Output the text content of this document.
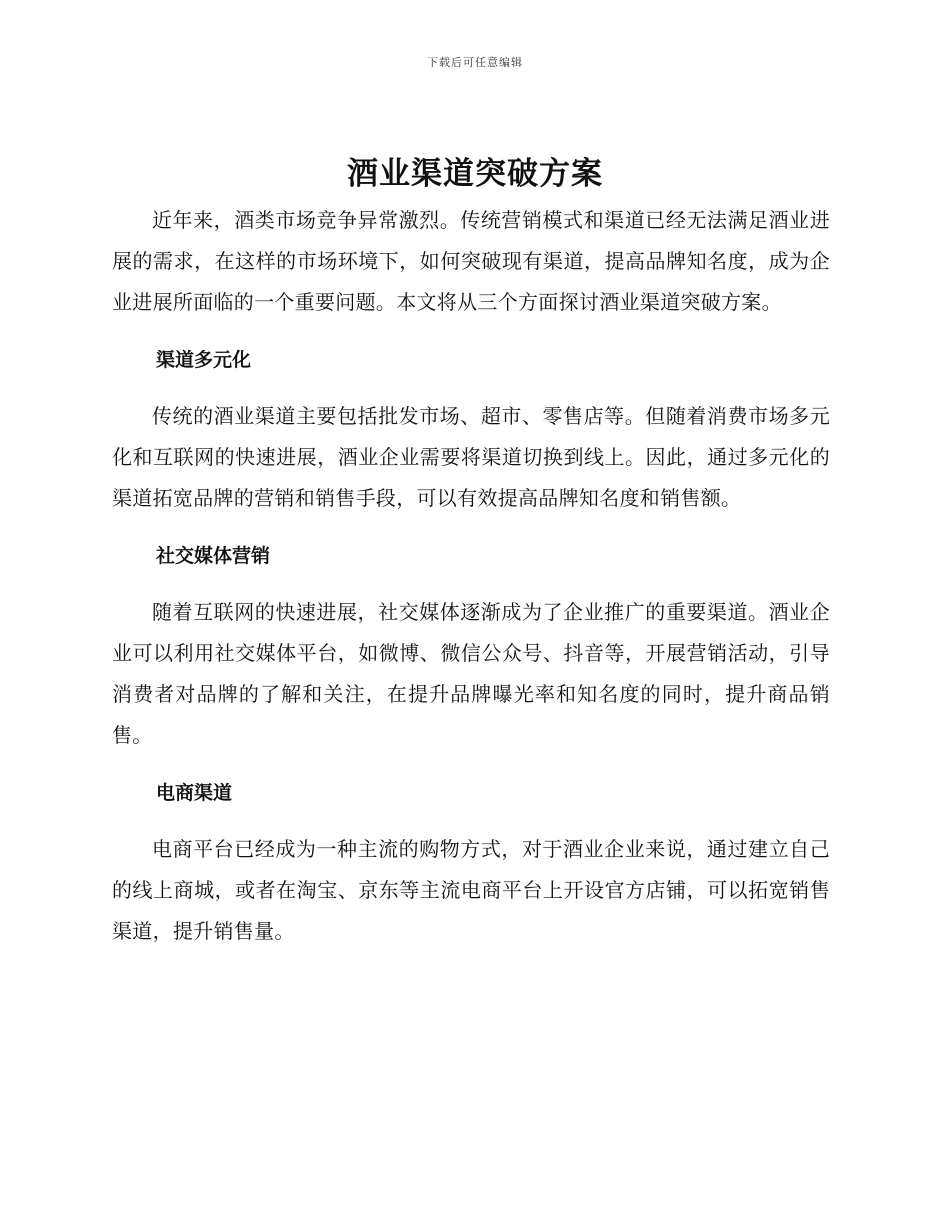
下载后可任意编辑
酒业渠道突破方案

近年来，酒类市场竞争异常激烈。传统营销模式和渠道已经无法满足酒业进展的需求，在这样的市场环境下，如何突破现有渠道，提高品牌知名度，成为企业进展所面临的一个重要问题。本文将从三个方面探讨酒业渠道突破方案。

渠道多元化

传统的酒业渠道主要包括批发市场、超市、零售店等。但随着消费市场多元化和互联网的快速进展，酒业企业需要将渠道切换到线上。因此，通过多元化的渠道拓宽品牌的营销和销售手段，可以有效提高品牌知名度和销售额。

社交媒体营销

随着互联网的快速进展，社交媒体逐渐成为了企业推广的重要渠道。酒业企业可以利用社交媒体平台，如微博、微信公众号、抖音等，开展营销活动，引导消费者对品牌的了解和关注，在提升品牌曝光率和知名度的同时，提升商品销售。

电商渠道

电商平台已经成为一种主流的购物方式，对于酒业企业来说，通过建立自己的线上商城，或者在淘宝、京东等主流电商平台上开设官方店铺，可以拓宽销售渠道，提升销售量。
